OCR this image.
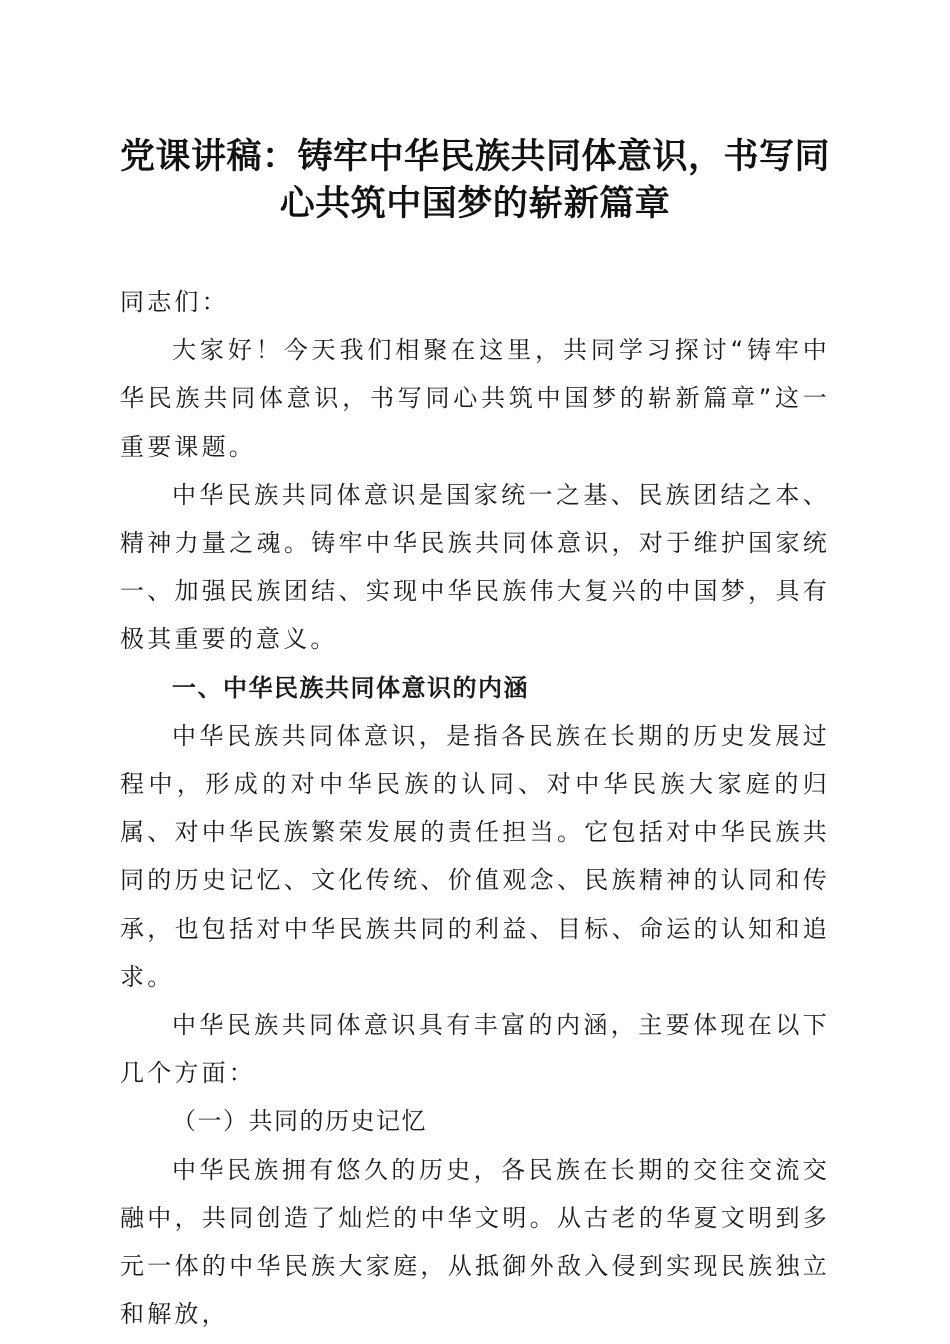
党课讲稿：铸牢中华民族共同体意识，书写同
心共筑中国梦的崭新篇章

同志们：

大家好！今天我们相聚在这里，共同学习探讨“铸牢中华民族共同体意识，书写同心共筑中国梦的崭新篇章”这一重要课题。

中华民族共同体意识是国家统一之基、民族团结之本、精神力量之魂。铸牢中华民族共同体意识，对于维护国家统一、加强民族团结、实现中华民族伟大复兴的中国梦，具有极其重要的意义。

一、中华民族共同体意识的内涵

中华民族共同体意识，是指各民族在长期的历史发展过程中，形成的对中华民族的认同、对中华民族大家庭的归属、对中华民族繁荣发展的责任担当。它包括对中华民族共同的历史记忆、文化传统、价值观念、民族精神的认同和传承，也包括对中华民族共同的利益、目标、命运的认知和追求。

中华民族共同体意识具有丰富的内涵，主要体现在以下几个方面：

（一）共同的历史记忆

中华民族拥有悠久的历史，各民族在长期的交往交流交融中，共同创造了灿烂的中华文明。从古老的华夏文明到多元一体的中华民族大家庭，从抵御外敌入侵到实现民族独立和解放，
